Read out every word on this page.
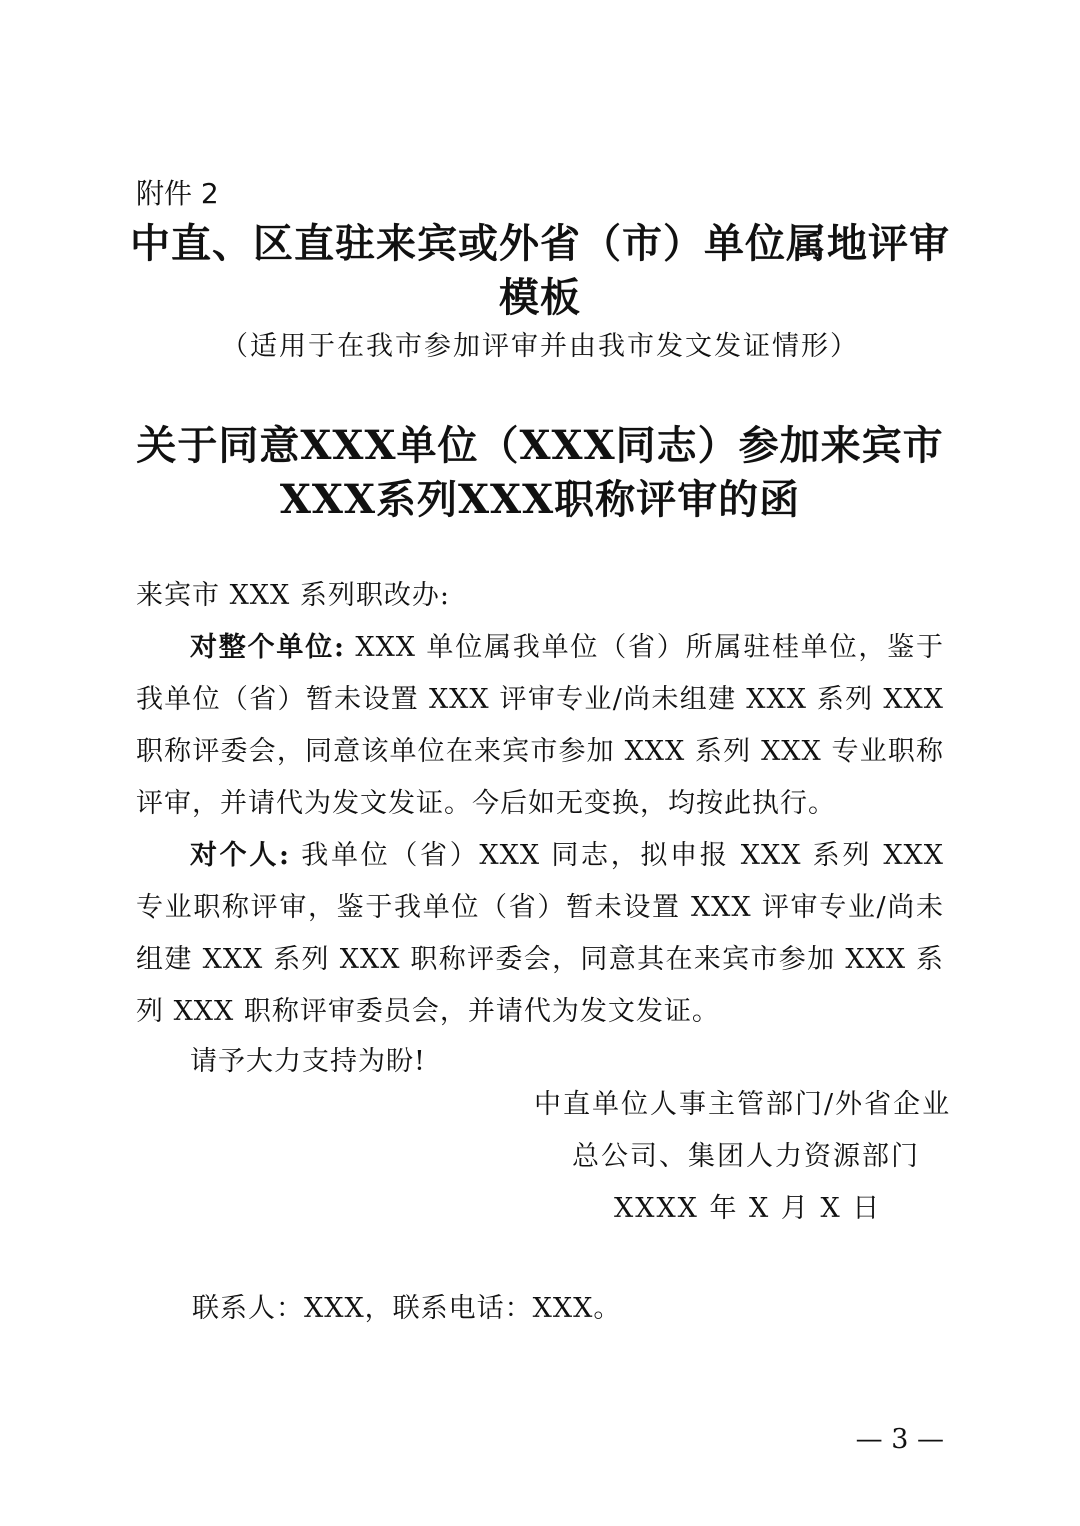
附件 2
中直、区直驻来宾或外省（市）单位属地评审
模板
（适用于在我市参加评审并由我市发文发证情形）
关于同意XXX单位（XXX同志）参加来宾市
XXX系列XXX职称评审的函
来宾市 XXX 系列职改办:

对整个单位: XXX 单位属我单位（省）所属驻桂单位，鉴于我单位（省）暂未设置 XXX 评审专业/尚未组建 XXX 系列 XXX 职称评委会，同意该单位在来宾市参加 XXX 系列 XXX 专业职称评审，并请代为发文发证。今后如无变换，均按此执行。

对个人: 我单位（省）XXX 同志，拟申报 XXX 系列 XXX 专业职称评审，鉴于我单位（省）暂未设置 XXX 评审专业/尚未组建 XXX 系列 XXX 职称评委会，同意其在来宾市参加 XXX 系列 XXX 职称评审委员会，并请代为发文发证。

请予大力支持为盼!

中直单位人事主管部门/外省企业
总公司、集团人力资源部门
XXXX 年 X 月 X 日
联系人：XXX，联系电话：XXX。
— 3 —
